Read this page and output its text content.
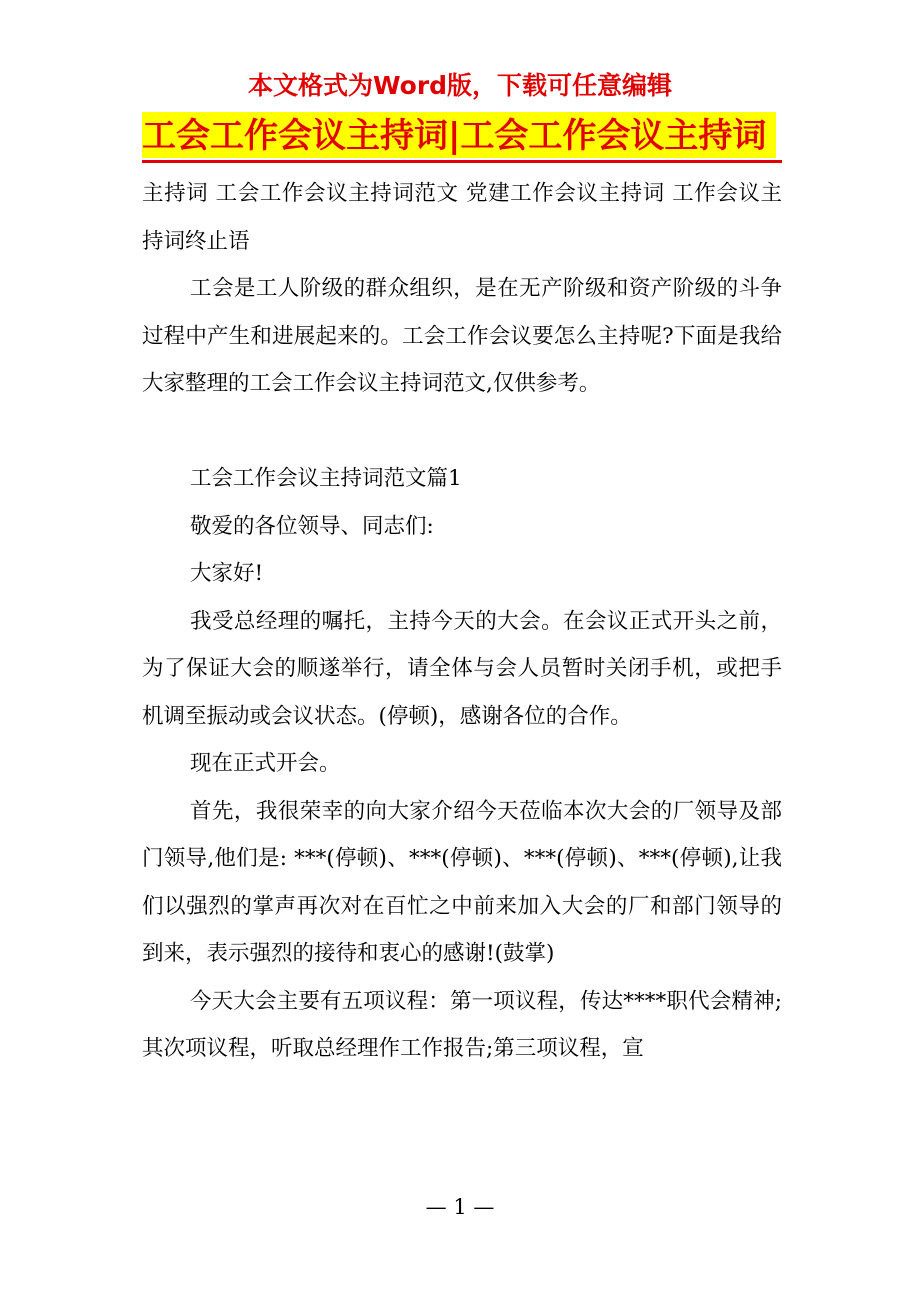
本文格式为Word版，下载可任意编辑
工会工作会议主持词|工会工作会议主持词

主持词 工会工作会议主持词范文 党建工作会议主持词 工作会议主持词终止语

工会是工人阶级的群众组织，是在无产阶级和资产阶级的斗争过程中产生和进展起来的。工会工作会议要怎么主持呢?下面是我给大家整理的工会工作会议主持词范文,仅供参考。

工会工作会议主持词范文篇1

敬爱的各位领导、同志们:

大家好!

我受总经理的嘱托，主持今天的大会。在会议正式开头之前，为了保证大会的顺遂举行，请全体与会人员暂时关闭手机，或把手机调至振动或会议状态。(停顿)，感谢各位的合作。

现在正式开会。

首先，我很荣幸的向大家介绍今天莅临本次大会的厂领导及部门领导,他们是: ***(停顿)、***(停顿)、***(停顿)、***(停顿),让我们以强烈的掌声再次对在百忙之中前来加入大会的厂和部门领导的到来，表示强烈的接待和衷心的感谢!(鼓掌)

今天大会主要有五项议程：第一项议程，传达****职代会精神;其次项议程，听取总经理作工作报告;第三项议程，宣

— 1 —
